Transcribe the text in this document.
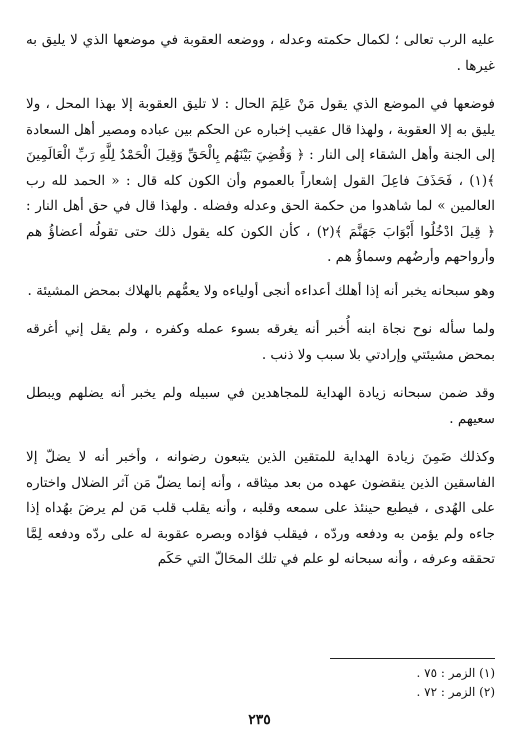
عليه الرب تعالى ؛ لكمال حكمته وعدله ، ووضعه العقوبة في موضعها الذي لا يليق به غيرها .

فوضعها في الموضع الذي يقول مَنْ عَلِمَ الحال : لا تليق العقوبة إلا بهذا المحل ، ولا يليق به إلا العقوبة ، ولهذا قال عقيب إخباره عن الحكم بين عباده ومصير أهل السعادة إلى الجنة وأهل الشقاء إلى النار : ﴿ وَقُضِيَ بَيْنَهُم بِالْحَقِّ وَقِيلَ الْحَمْدُ لِلَّهِ رَبِّ الْعَالَمِينَ ﴾(١) ، فَحَذَفَ فاعِلَ القول إشعاراً بالعموم وأن الكون كله قال : « الحمد لله رب العالمين » لما شاهدوا من حكمة الحق وعدله وفضله . ولهذا قال في حق أهل النار : ﴿ قِيلَ ادْخُلُوا أَبْوَابَ جَهَنَّمَ ﴾(٢) ، كأن الكون كله يقول ذلك حتى تقولُه أعضاؤُ هم وأرواحهم وأرضُهم وسماؤُ هم .

وهو سبحانه يخبر أنه إذا أهلك أعداءه أنجى أولياءه ولا يعمُّهم بالهلاك بمحض المشيئة .

ولما سأله نوح نجاة ابنه أُخبر أنه يغرقه بسوء عمله وكفره ، ولم يقل إني أغرقه بمحض مشيئتي وإرادتي بلا سبب ولا ذنب .

وقد ضمن سبحانه زيادة الهداية للمجاهدين في سبيله ولم يخبر أنه يضلهم ويبطل سعيهم .

وكذلك ضَمِنَ زيادة الهداية للمتقين الذين يتبعون رضوانه ، وأخبر أنه لا يضلّ إلا الفاسقين الذين ينقضون عهده من بعد ميثاقه ، وأنه إنما يضلّ مَن آثر الضلال واختاره على الهُدى ، فيطبع حينئذ على سمعه وقلبه ، وأنه يقلب قلب مَن لم يرضَ بهُداه إذا جاءه ولم يؤمن به ودفعه وردّه ، فيقلب فؤاده وبصره عقوبة له على ردّه ودفعه لِمَّا تحققه وعرفه ، وأنه سبحانه لو علم في تلك المحَالّ التي حَكَم

(١) الزمر : ٧٥ .

(٢) الزمر : ٧٢ .

٢٣٥
